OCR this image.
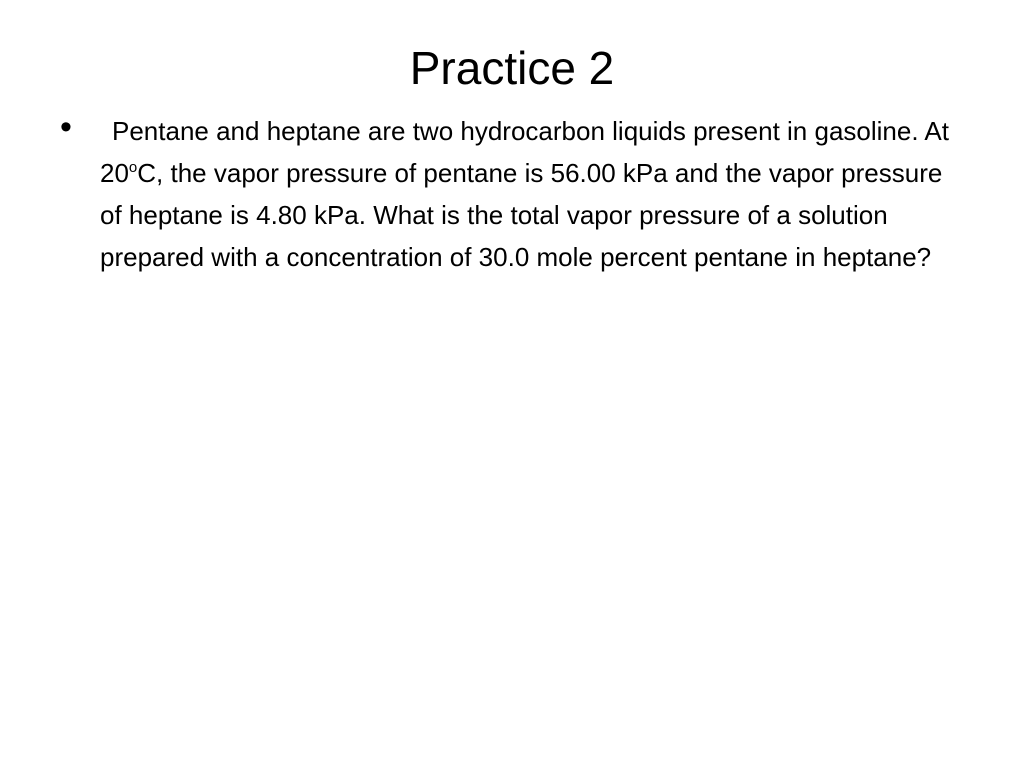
Practice 2
•	Pentane and heptane are two hydrocarbon liquids present in gasoline. At 20$^o$C, the vapor pressure of pentane is 56.00 kPa and the vapor pressure of heptane is 4.80 kPa. What is the total vapor pressure of a solution prepared with a concentration of 30.0 mole percent pentane in heptane?
